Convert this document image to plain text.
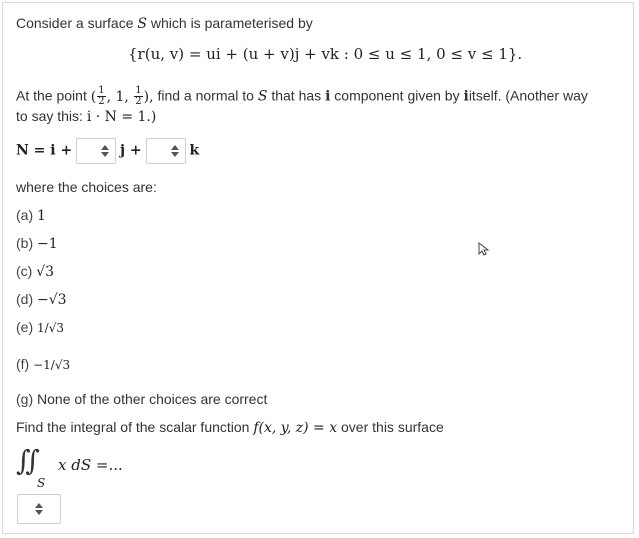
Consider a surface S which is parameterised by
{r(u, v) = ui + (u + v)j + vk : 0 ≤ u ≤ 1, 0 ≤ v ≤ 1}.
At the point ( $\frac{1}{2}$ , 1, $\frac{1}{2}$ ), find a normal to S that has i component given by iitself. (Another way
to say this: i · N = 1.)
N = i +	j +	k
where the choices are:
(a) 1
(b) −1
(c) √3
(d) −√3
(e) 1/√3
(f) −1/√3
(g) None of the other choices are correct
Find the integral of the scalar function f(x, y, z) = x over this surface
∬ x dS =...
S
